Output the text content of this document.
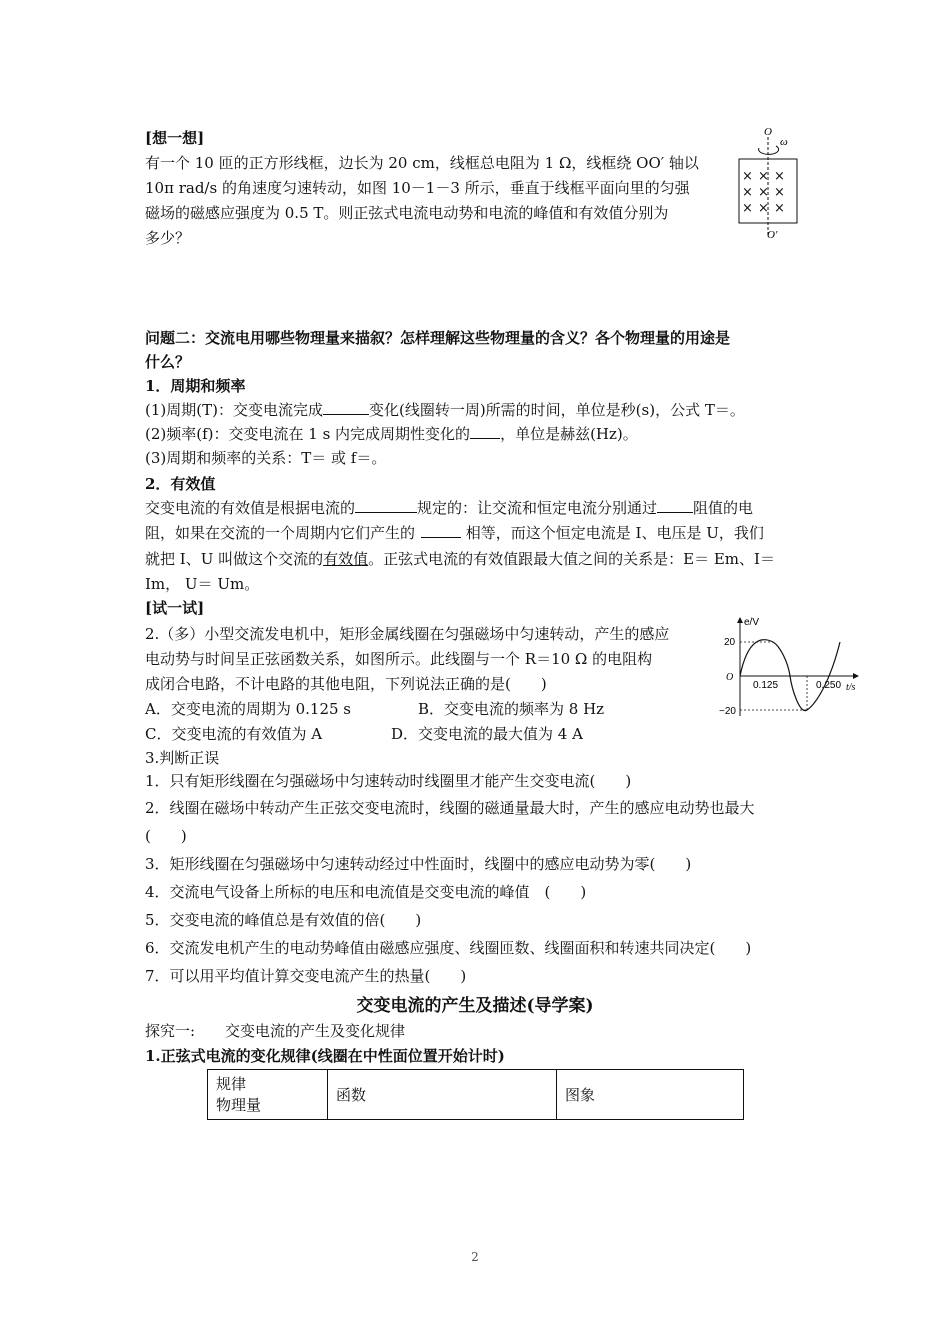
[想一想]
有一个 10 匝的正方形线框，边长为 20 cm，线框总电阻为 1 Ω，线框绕 OO′ 轴以
10π rad/s 的角速度匀速转动，如图 10－1－3 所示，垂直于线框平面向里的匀强
磁场的磁感应强度为 0.5 T。则正弦式电流电动势和电流的峰值和有效值分别为
多少？
O
ω
× × ×
× × ×
× × ×
O′
问题二：交流电用哪些物理量来描叙？怎样理解这些物理量的含义？各个物理量的用途是
什么？
1．周期和频率
(1)周期(T)：交变电流完成	变化(线圈转一周)所需的时间，单位是秒(s)，公式 T＝。
(2)频率(f)：交变电流在 1 s 内完成周期性变化的 ，单位是赫兹(Hz)。
(3)周期和频率的关系：T＝ 或 f＝。
2．有效值
交变电流的有效值是根据电流的	规定的：让交流和恒定电流分别通过 阻值的电
阻，如果在交流的一个周期内它们产生的	相等，而这个恒定电流是 I、电压是 U，我们
就把 I、U 叫做这个交流的有效值。正弦式电流的有效值跟最大值之间的关系是：E＝ Em、I＝
Im， U＝ Um。
[试一试]
2.（多）小型交流发电机中，矩形金属线圈在匀强磁场中匀速转动，产生的感应
电动势与时间呈正弦函数关系，如图所示。此线圈与一个 R＝10 Ω 的电阻构
成闭合电路，不计电路的其他电阻，下列说法正确的是(　　)
A．交变电流的周期为 0.125 s	B．交变电流的频率为 8 Hz
C．交变电流的有效值为 A	D．交变电流的最大值为 4 A
e/V
t/s
O
20
−20
0.125	0.250
3.判断正误
1．只有矩形线圈在匀强磁场中匀速转动时线圈里才能产生交变电流(　　)
2．线圈在磁场中转动产生正弦交变电流时，线圈的磁通量最大时，产生的感应电动势也最大
(　　)
3．矩形线圈在匀强磁场中匀速转动经过中性面时，线圈中的感应电动势为零(　　)
4．交流电气设备上所标的电压和电流值是交变电流的峰值　(　　)
5．交变电流的峰值总是有效值的倍(　　)
6．交流发电机产生的电动势峰值由磁感应强度、线圈匝数、线圈面积和转速共同决定(　　)
7．可以用平均值计算交变电流产生的热量(　　)
交变电流的产生及描述(导学案)
探究一:　　交变电流的产生及变化规律
1.正弦式电流的变化规律(线圈在中性面位置开始计时)
规律
物理量
	函数	图象
2
